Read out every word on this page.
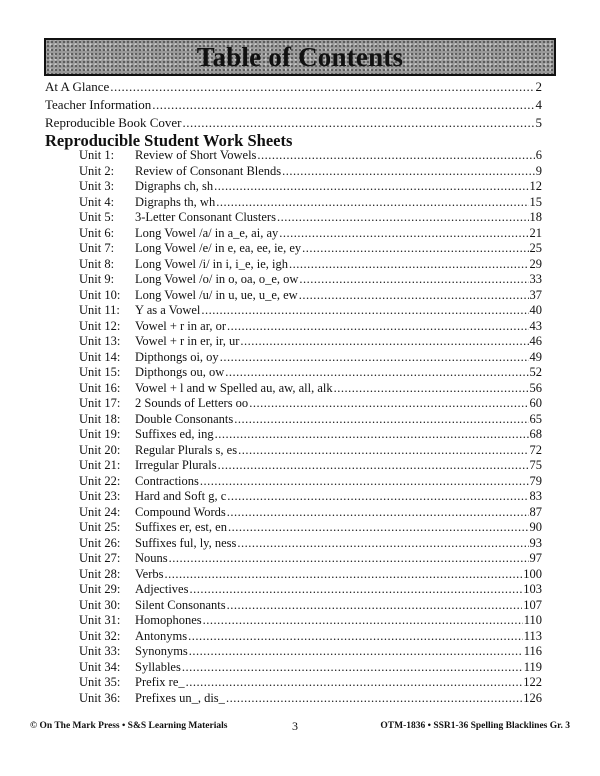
Table of Contents
At A Glance .....	2
Teacher Information .....	4
Reproducible Book Cover .....	5
Reproducible Student Work Sheets
Unit 1:	Review of Short Vowels .....	6
Unit 2:	Review of Consonant Blends .....	9
Unit 3:	Digraphs ch, sh .....	12
Unit 4:	Digraphs th, wh .....	15
Unit 5:	3-Letter Consonant Clusters .....	18
Unit 6:	Long Vowel /a/ in a_e, ai, ay .....	21
Unit 7:	Long Vowel /e/ in e, ea, ee, ie, ey .....	25
Unit 8:	Long Vowel /i/ in i, i_e, ie, igh .....	29
Unit 9:	Long Vowel /o/ in o, oa, o_e, ow .....	33
Unit 10:	Long Vowel /u/ in u, ue, u_e, ew .....	37
Unit 11:	Y as a Vowel .....	40
Unit 12:	Vowel + r in ar, or .....	43
Unit 13:	Vowel + r in er, ir, ur .....	46
Unit 14:	Dipthongs oi, oy .....	49
Unit 15:	Dipthongs ou, ow .....	52
Unit 16:	Vowel + l and w Spelled au, aw, all, alk .....	56
Unit 17:	2 Sounds of Letters oo .....	60
Unit 18:	Double Consonants .....	65
Unit 19:	Suffixes ed, ing .....	68
Unit 20:	Regular Plurals s, es .....	72
Unit 21:	Irregular Plurals .....	75
Unit 22:	Contractions .....	79
Unit 23:	Hard and Soft g, c .....	83
Unit 24:	Compound Words .....	87
Unit 25:	Suffixes er, est, en .....	90
Unit 26:	Suffixes ful, ly, ness .....	93
Unit 27:	Nouns .....	97
Unit 28:	Verbs .....	100
Unit 29:	Adjectives .....	103
Unit 30:	Silent Consonants .....	107
Unit 31:	Homophones .....	110
Unit 32:	Antonyms .....	113
Unit 33:	Synonyms .....	116
Unit 34:	Syllables .....	119
Unit 35:	Prefix re_ .....	122
Unit 36:	Prefixes un_, dis_ .....	126
© On The Mark Press • S&S Learning Materials	3	OTM-1836 • SSR1-36 Spelling Blacklines Gr. 3
